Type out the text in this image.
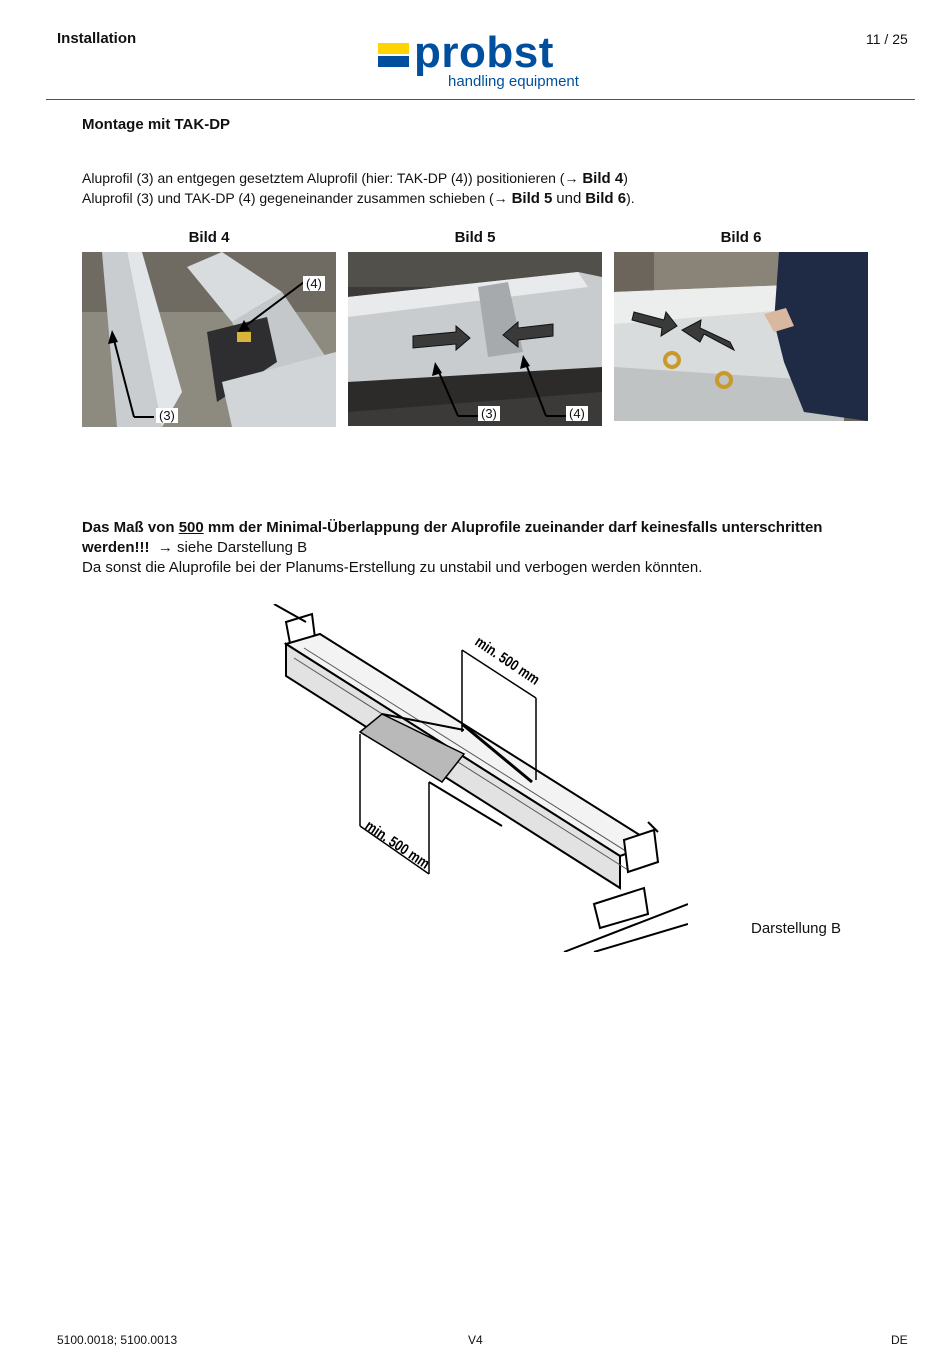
Installation	11 / 25
probst
handling equipment
Montage mit TAK-DP
Aluprofil (3) an entgegen gesetztem Aluprofil (hier: TAK-DP (4)) positionieren (→ Bild 4)
Aluprofil (3) und TAK-DP (4) gegeneinander zusammen schieben (→ Bild 5 und Bild 6).
Bild 4	Bild 5	Bild 6
(4)
(3)	(3)	(4)
Das Maß von 500 mm der Minimal-Überlappung der Aluprofile zueinander darf keinesfalls unterschritten
werden!!! → siehe Darstellung B
Da sonst die Aluprofile bei der Planums-Erstellung zu unstabil und verbogen werden könnten.
min. 500 mm
min. 500 mm
Darstellung B
5100.0018; 5100.0013	V4	DE
